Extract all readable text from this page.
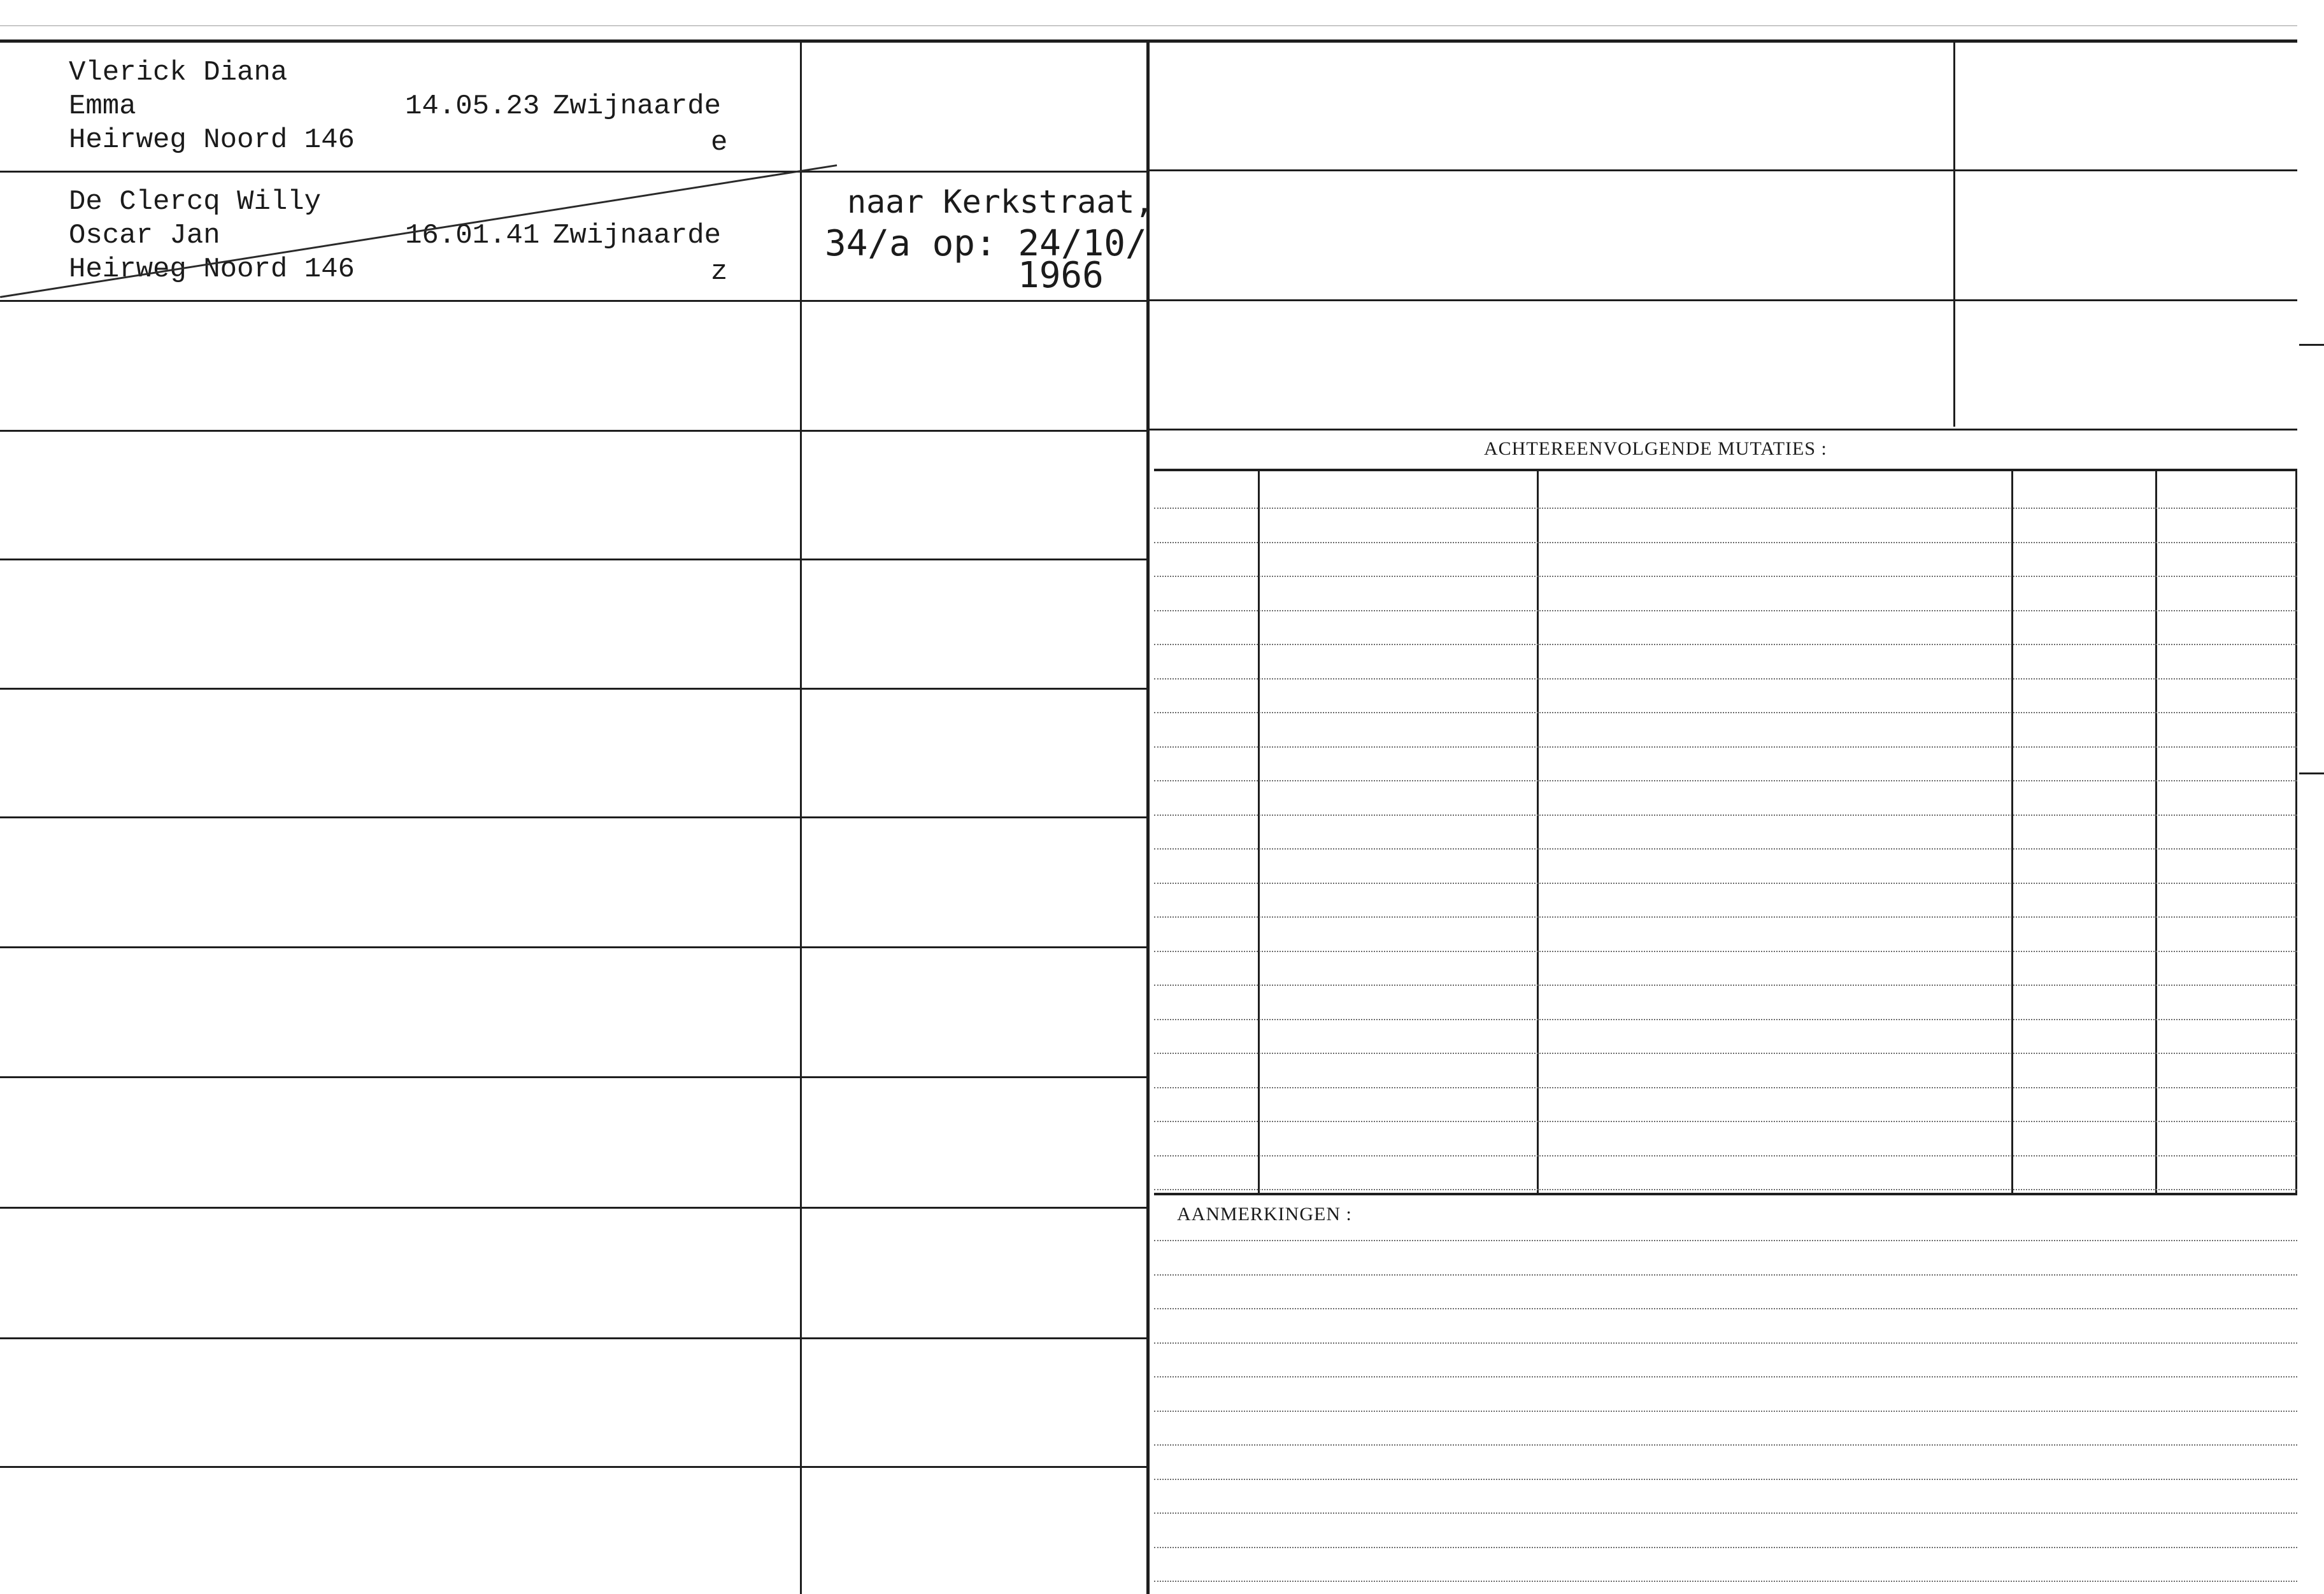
ACHTEREENVOLGENDE MUTATIES :
AANMERKINGEN :
Vlerick Diana
Emma
Heirweg Noord 146
14.05.23 Zwijnaarde
e
De Clercq Willy
Oscar Jan
Heirweg Noord 146
16.01.41 Zwijnaarde
z
naar Kerkstraat,
34/a op: 24/10/
1966
